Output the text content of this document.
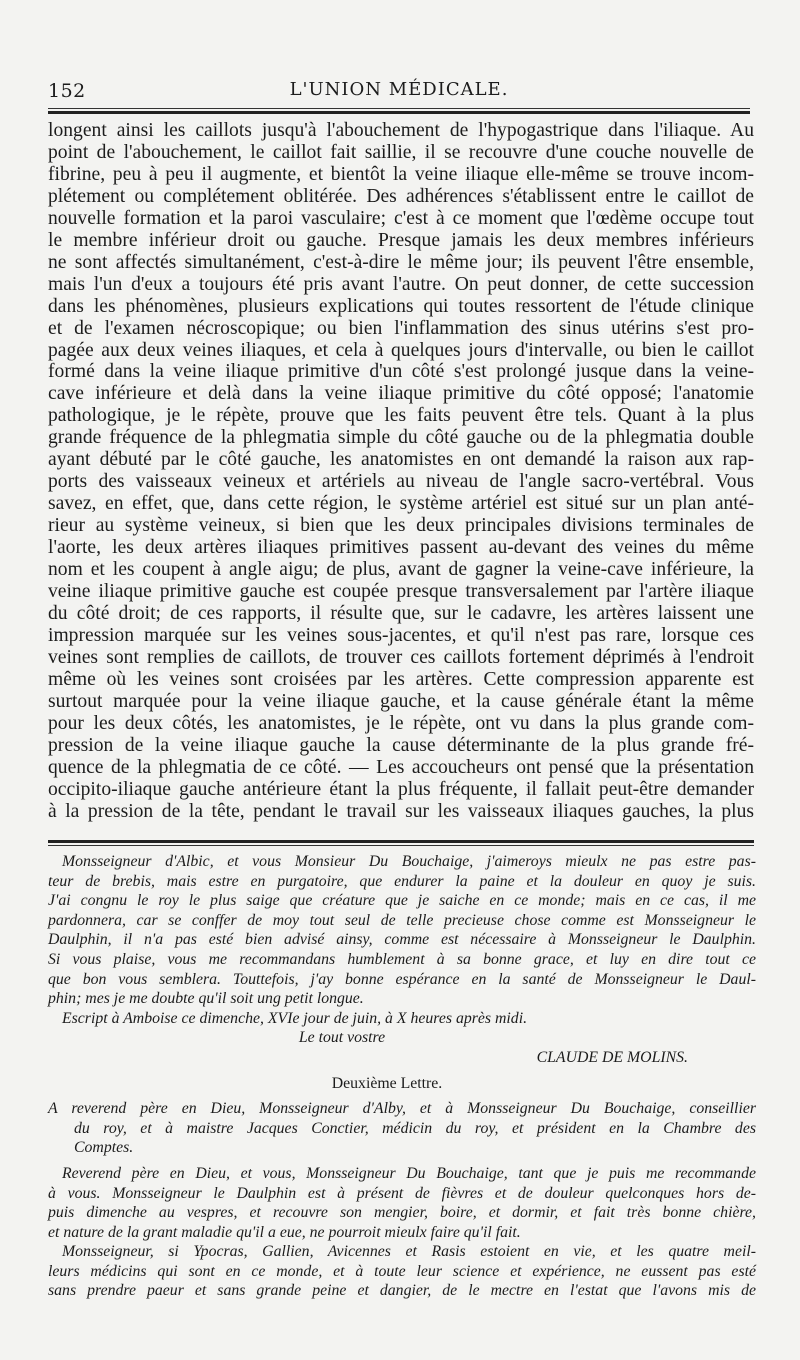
152	L'UNION MÉDICALE.
longent ainsi les caillots jusqu'à l'abouchement de l'hypogastrique dans l'iliaque. Au
point de l'abouchement, le caillot fait saillie, il se recouvre d'une couche nouvelle de
fibrine, peu à peu il augmente, et bientôt la veine iliaque elle-même se trouve incom-
plétement ou complétement oblitérée. Des adhérences s'établissent entre le caillot de
nouvelle formation et la paroi vasculaire; c'est à ce moment que l'œdème occupe tout
le membre inférieur droit ou gauche. Presque jamais les deux membres inférieurs
ne sont affectés simultanément, c'est-à-dire le même jour; ils peuvent l'être ensemble,
mais l'un d'eux a toujours été pris avant l'autre. On peut donner, de cette succession
dans les phénomènes, plusieurs explications qui toutes ressortent de l'étude clinique
et de l'examen nécroscopique; ou bien l'inflammation des sinus utérins s'est pro-
pagée aux deux veines iliaques, et cela à quelques jours d'intervalle, ou bien le caillot
formé dans la veine iliaque primitive d'un côté s'est prolongé jusque dans la veine-
cave inférieure et delà dans la veine iliaque primitive du côté opposé; l'anatomie
pathologique, je le répète, prouve que les faits peuvent être tels. Quant à la plus
grande fréquence de la phlegmatia simple du côté gauche ou de la phlegmatia double
ayant débuté par le côté gauche, les anatomistes en ont demandé la raison aux rap-
ports des vaisseaux veineux et artériels au niveau de l'angle sacro-vertébral. Vous
savez, en effet, que, dans cette région, le système artériel est situé sur un plan anté-
rieur au système veineux, si bien que les deux principales divisions terminales de
l'aorte, les deux artères iliaques primitives passent au-devant des veines du même
nom et les coupent à angle aigu; de plus, avant de gagner la veine-cave inférieure, la
veine iliaque primitive gauche est coupée presque transversalement par l'artère iliaque
du côté droit; de ces rapports, il résulte que, sur le cadavre, les artères laissent une
impression marquée sur les veines sous-jacentes, et qu'il n'est pas rare, lorsque ces
veines sont remplies de caillots, de trouver ces caillots fortement déprimés à l'endroit
même où les veines sont croisées par les artères. Cette compression apparente est
surtout marquée pour la veine iliaque gauche, et la cause générale étant la même
pour les deux côtés, les anatomistes, je le répète, ont vu dans la plus grande com-
pression de la veine iliaque gauche la cause déterminante de la plus grande fré-
quence de la phlegmatia de ce côté. — Les accoucheurs ont pensé que la présentation
occipito-iliaque gauche antérieure étant la plus fréquente, il fallait peut-être demander
à la pression de la tête, pendant le travail sur les vaisseaux iliaques gauches, la plus
Monsseigneur d'Albic, et vous Monsieur Du Bouchaige, j'aimeroys mieulx ne pas estre pas-
teur de brebis, mais estre en purgatoire, que endurer la paine et la douleur en quoy je suis.
J'ai congnu le roy le plus saige que créature que je saiche en ce monde; mais en ce cas, il me
pardonnera, car se conffer de moy tout seul de telle precieuse chose comme est Monsseigneur le
Daulphin, il n'a pas esté bien advisé ainsy, comme est nécessaire à Monsseigneur le Daulphin.
Si vous plaise, vous me recommandans humblement à sa bonne grace, et luy en dire tout ce
que bon vous semblera. Touttefois, j'ay bonne espérance en la santé de Monsseigneur le Daul-
phin; mes je me doubte qu'il soit ung petit longue.
Escript à Amboise ce dimenche, XVIe jour de juin, à X heures après midi.
Le tout vostre
CLAUDE DE MOLINS.
Deuxième Lettre.
A reverend père en Dieu, Monsseigneur d'Alby, et à Monsseigneur Du Bouchaige, conseillier
du roy, et à maistre Jacques Conctier, médicin du roy, et président en la Chambre des
Comptes.
Reverend père en Dieu, et vous, Monsseigneur Du Bouchaige, tant que je puis me recommande
à vous. Monsseigneur le Daulphin est à présent de fièvres et de douleur quelconques hors de-
puis dimenche au vespres, et recouvre son mengier, boire, et dormir, et fait très bonne chière,
et nature de la grant maladie qu'il a eue, ne pourroit mieulx faire qu'il fait.
Monsseigneur, si Ypocras, Gallien, Avicennes et Rasis estoient en vie, et les quatre meil-
leurs médicins qui sont en ce monde, et à toute leur science et expérience, ne eussent pas esté
sans prendre paeur et sans grande peine et dangier, de le mectre en l'estat que l'avons mis de
